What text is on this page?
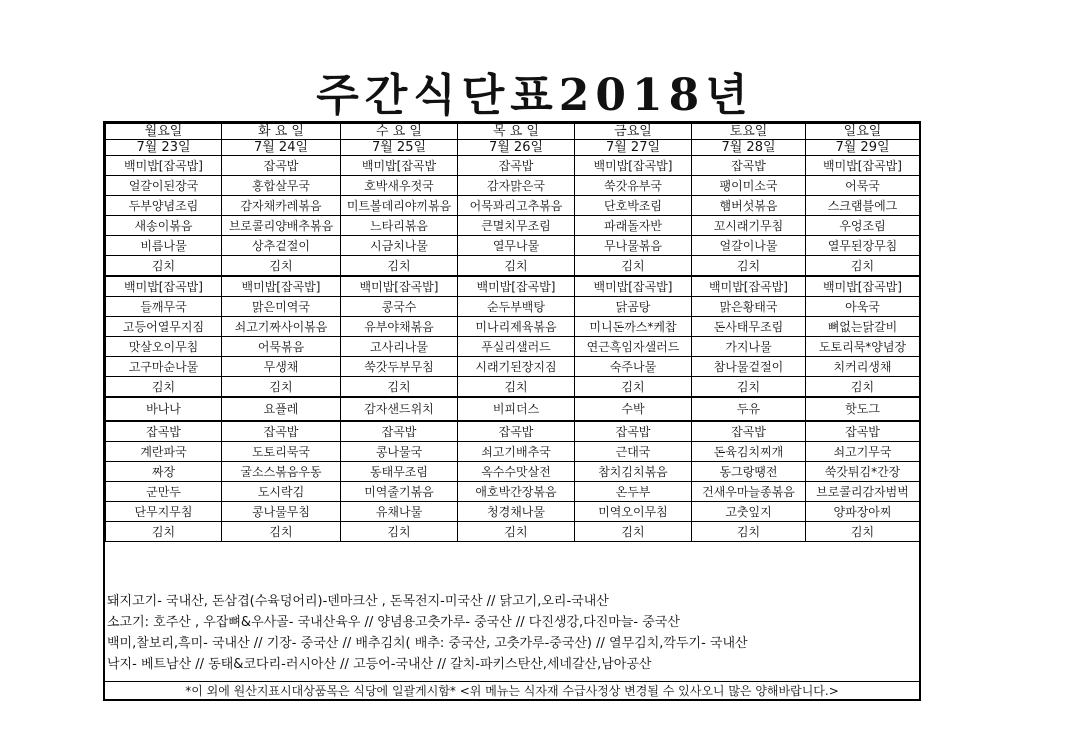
주간식단표2018년
월요일	화 요 일	수 요 일	목 요 일	금요일	토요일	일요일
7월 23일	7월 24일	7월 25일	7월 26일	7월 27일	7월 28일	7월 29일
백미밥[잡곡밥]	잡곡밥	백미밥[잡곡밥	잡곡밥	백미밥[잡곡밥]	잡곡밥	백미밥[잡곡밥]
얼갈이된장국	홍합살무국	호박새우젓국	감자맑은국	쑥갓유부국	팽이미소국	어묵국
두부양념조림	감자채카레볶음	미트볼데리야끼볶음	어묵꽈리고추볶음	단호박조림	햄버섯볶음	스크램블에그
새송이볶음	브로콜리양배추볶음	느타리볶음	큰멸치무조림	파래돌자반	꼬시래기무침	우엉조림
비름나물	상추겉절이	시금치나물	열무나물	무나물볶음	얼갈이나물	열무된장무침
김치	김치	김치	김치	김치	김치	김치
백미밥[잡곡밥]	백미밥[잡곡밥]	백미밥[잡곡밥]	백미밥[잡곡밥]	백미밥[잡곡밥]	백미밥[잡곡밥]	백미밥[잡곡밥]
들깨무국	맑은미역국	콩국수	순두부백탕	닭곰탕	맑은황태국	아욱국
고등어열무지짐	쇠고기짜사이볶음	유부야채볶음	미나리제육볶음	미니돈까스*케찹	돈사태무조림	뼈없는닭갈비
맛살오이무침	어묵볶음	고사리나물	푸실리샐러드	연근흑임자샐러드	가지나물	도토리묵*양념장
고구마순나물	무생채	쑥갓두부무침	시래기된장지짐	숙주나물	참나물겉절이	치커리생채
김치	김치	김치	김치	김치	김치	김치
바나나	요플레	감자샌드위치	비피더스	수박	두유	핫도그
잡곡밥	잡곡밥	잡곡밥	잡곡밥	잡곡밥	잡곡밥	잡곡밥
계란파국	도토리묵국	콩나물국	쇠고기배추국	근대국	돈육김치찌개	쇠고기무국
짜장	굴소스볶음우동	동태무조림	옥수수맛살전	참치김치볶음	동그랑땡전	쑥갓튀김*간장
군만두	도시락김	미역줄기볶음	애호박간장볶음	온두부	건새우마늘종볶음	브로콜리감자범벅
단무지무침	콩나물무침	유채나물	청경채나물	미역오이무침	고춧잎지	양파장아찌
김치	김치	김치	김치	김치	김치	김치
돼지고기- 국내산, 돈삼겹(수육덩어리)-덴마크산 , 돈목전지-미국산 // 닭고기,오리-국내산
소고기: 호주산 , 우잡뼈&우사골- 국내산육우 // 양념용고춧가루- 중국산 // 다진생강,다진마늘- 중국산
백미,찰보리,흑미- 국내산 // 기장- 중국산 // 배추김치( 배추: 중국산, 고춧가루-중국산) // 열무김치,깍두기- 국내산
낙지- 베트남산 // 동태&코다리-러시아산 // 고등어-국내산 // 갈치-파키스탄산,세네갈산,남아공산
*이 외에 원산지표시대상품목은 식당에 일괄게시함* <위 메뉴는 식자재 수급사정상 변경될 수 있사오니 많은 양해바랍니다.>
